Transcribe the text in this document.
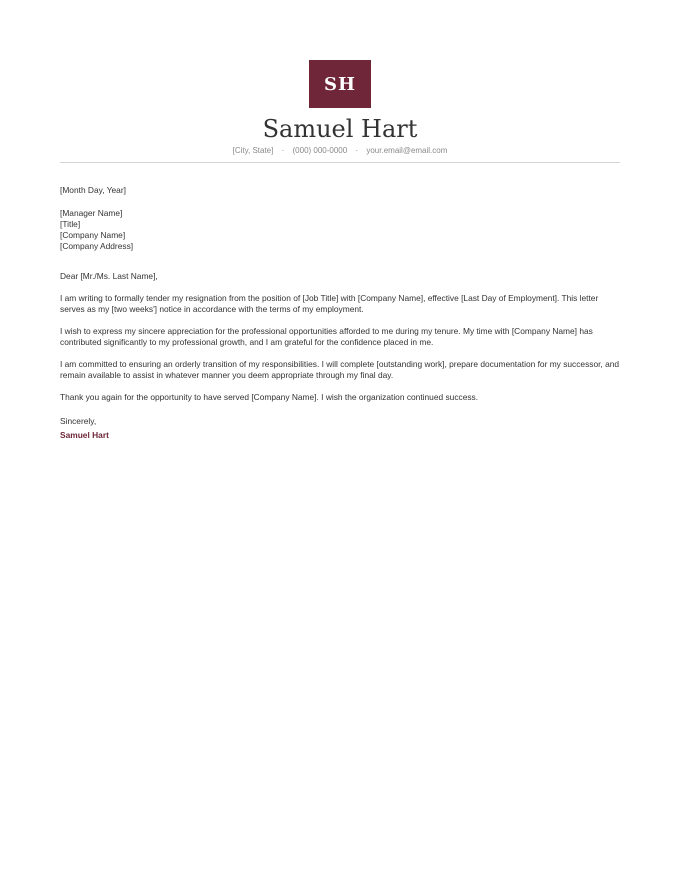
SH
Samuel Hart
[City, State] · (000) 000-0000 · your.email@email.com
[Month Day, Year]
[Manager Name]
[Title]
[Company Name]
[Company Address]
Dear [Mr./Ms. Last Name],
I am writing to formally tender my resignation from the position of [Job Title] with [Company Name], effective [Last Day of Employment]. This letter serves as my [two weeks'] notice in accordance with the terms of my employment.
I wish to express my sincere appreciation for the professional opportunities afforded to me during my tenure. My time with [Company Name] has contributed significantly to my professional growth, and I am grateful for the confidence placed in me.
I am committed to ensuring an orderly transition of my responsibilities. I will complete [outstanding work], prepare documentation for my successor, and remain available to assist in whatever manner you deem appropriate through my final day.
Thank you again for the opportunity to have served [Company Name]. I wish the organization continued success.
Sincerely,
Samuel Hart
